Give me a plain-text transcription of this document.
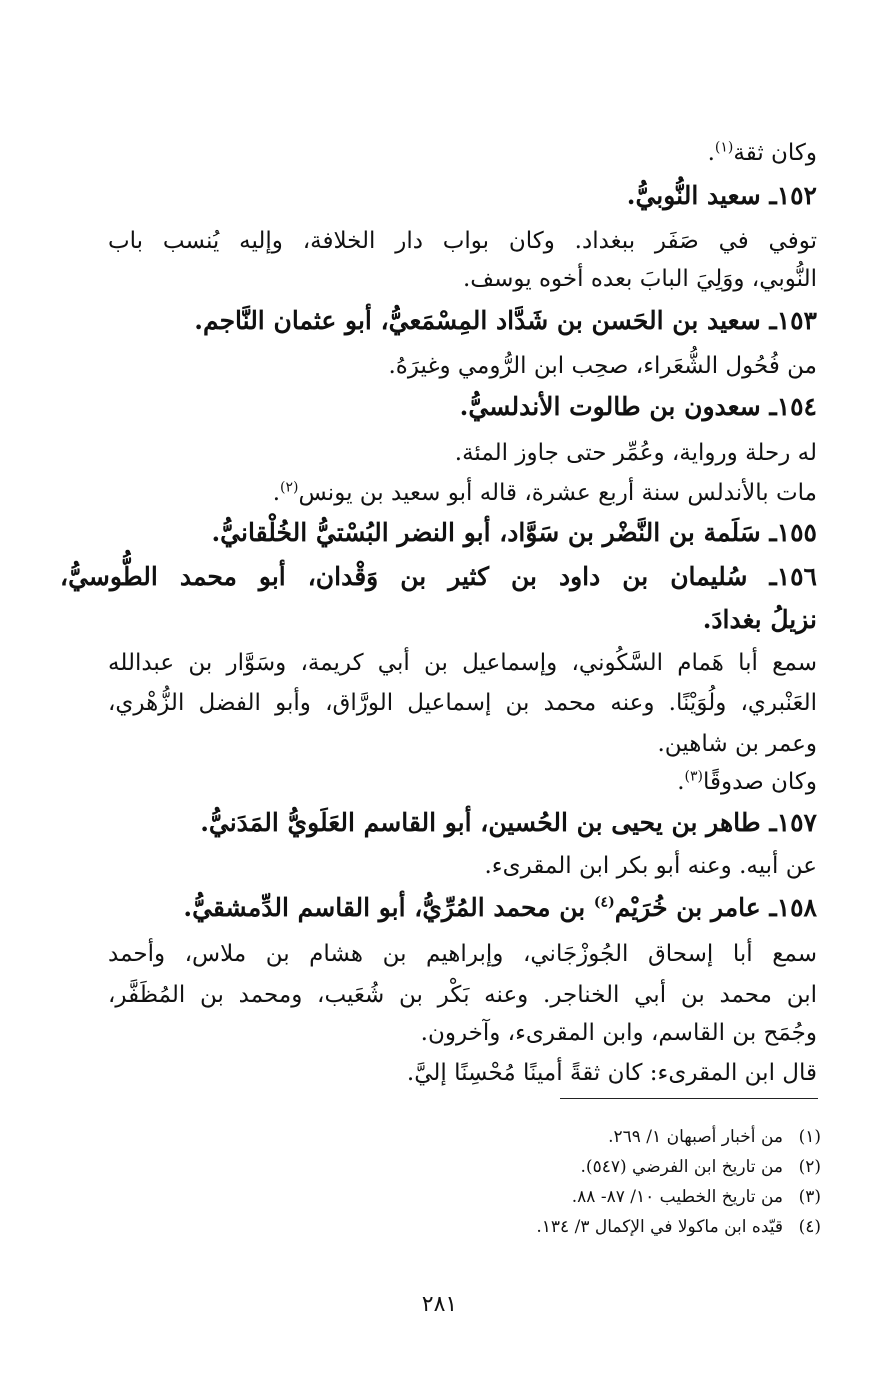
وكان ثقة$^{(١)}$.
١٥٢ـ سعيد النُّوبيُّ.
توفي في صَفَر ببغداد. وكان بواب دار الخلافة، وإليه يُنسب باب
النُّوبي، ووَلِيَ البابَ بعده أخوه يوسف.
١٥٣ـ سعيد بن الحَسن بن شَدَّاد المِسْمَعيُّ، أبو عثمان النَّاجم.
من فُحُول الشُّعَراء، صحِب ابن الرُّومي وغيرَهُ.
١٥٤ـ سعدون بن طالوت الأندلسيُّ.
له رحلة ورواية، وعُمِّر حتى جاوز المئة.
مات بالأندلس سنة أربع عشرة، قاله أبو سعيد بن يونس$^{(٢)}$.
١٥٥ـ سَلَمة بن النَّضْر بن سَوَّاد، أبو النضر البُسْتيُّ الخُلْقانيُّ.
١٥٦ـ سُليمان بن داود بن كثير بن وَقْدان، أبو محمد الطُّوسيُّ،
نزيلُ بغدادَ.
سمع أبا هَمام السَّكُوني، وإسماعيل بن أبي كريمة، وسَوَّار بن عبدالله
العَنْبري، ولُوَيْنًا. وعنه محمد بن إسماعيل الورَّاق، وأبو الفضل الزُّهْري،
وعمر بن شاهين.
وكان صدوقًا$^{(٣)}$.
١٥٧ـ طاهر بن يحيى بن الحُسين، أبو القاسم العَلَويُّ المَدَنيُّ.
عن أبيه. وعنه أبو بكر ابن المقرىء.
١٥٨ـ عامر بن خُرَيْم$^{(٤)}$ بن محمد المُرِّيُّ، أبو القاسم الدِّمشقيُّ.
سمع أبا إسحاق الجُوزْجَاني، وإبراهيم بن هشام بن ملاس، وأحمد
ابن محمد بن أبي الخناجر. وعنه بَكْر بن شُعَيب، ومحمد بن المُظَفَّر،
وجُمَح بن القاسم، وابن المقرىء، وآخرون.
قال ابن المقرىء: كان ثقةً أمينًا مُحْسِنًا إليَّ.
(١)من أخبار أصبهان ١/ ٢٦٩.
(٢)من تاريخ ابن الفرضي (٥٤٧).
(٣)من تاريخ الخطيب ١٠/ ٨٧- ٨٨.
(٤)قيّده ابن ماكولا في الإكمال ٣/ ١٣٤.
٢٨١
